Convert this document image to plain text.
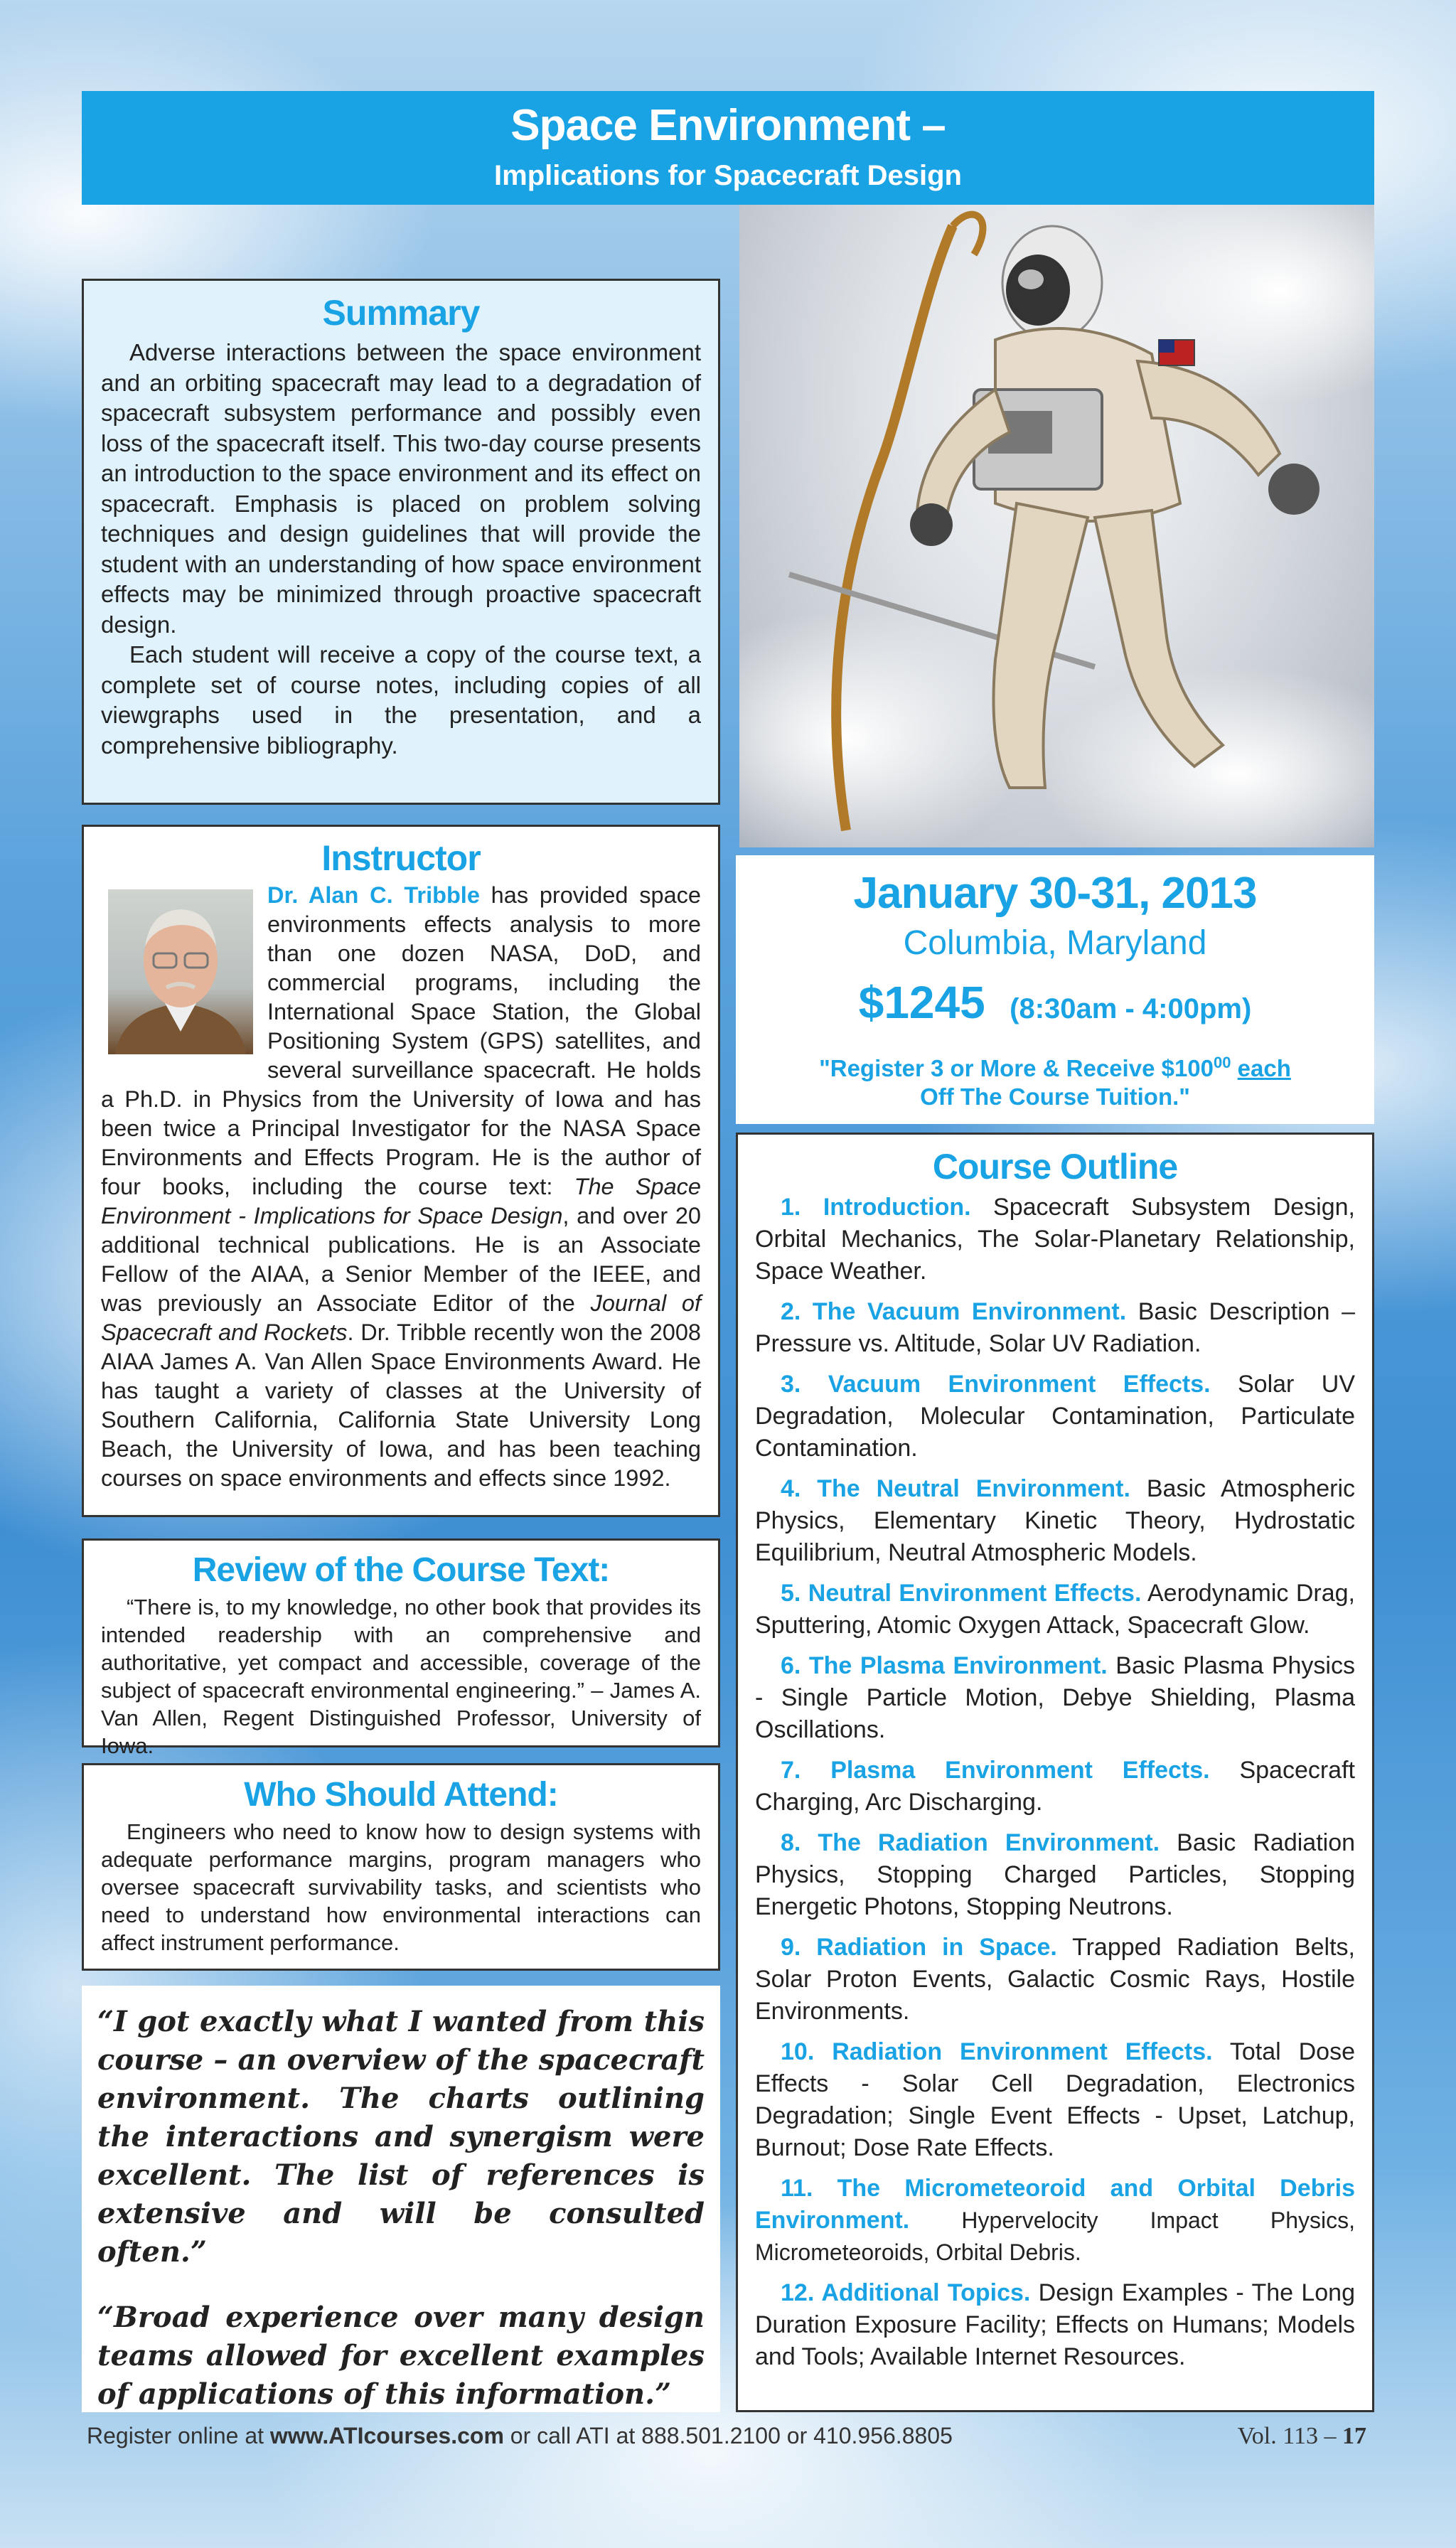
Space Environment –
Implications for Spacecraft Design
Summary

Adverse interactions between the space environment and an orbiting spacecraft may lead to a degradation of spacecraft subsystem performance and possibly even loss of the spacecraft itself. This two-day course presents an introduction to the space environment and its effect on spacecraft. Emphasis is placed on problem solving techniques and design guidelines that will provide the student with an understanding of how space environment effects may be minimized through proactive spacecraft design.

Each student will receive a copy of the course text, a complete set of course notes, including copies of all viewgraphs used in the presentation, and a comprehensive bibliography.

January 30-31, 2013
Columbia, Maryland
$1245 (8:30am - 4:00pm)
"Register 3 or More & Receive $\$100^{00}$ each
Off The Course Tuition."
Instructor

Dr. Alan C. Tribble
has provided space environments effects analysis to more than one dozen NASA, DoD, and commercial programs, including the International Space Station, the Global Positioning System (GPS) satellites, and several surveillance spacecraft. He holds a Ph.D. in Physics from the University of Iowa and has been twice a Principal Investigator for the NASA Space Environments and Effects Program. He is the author of four books, including the course text: The Space Environment - Implications for Space Design, and over 20 additional technical publications. He is an Associate Fellow of the AIAA, a Senior Member of the IEEE, and was previously an Associate Editor of the Journal of Spacecraft and Rockets. Dr. Tribble recently won the 2008 AIAA James A. Van Allen Space Environments Award. He has taught a variety of classes at the University of Southern California, California State University Long Beach, the University of Iowa, and has been teaching courses on space environments and effects since 1992.

Review of the Course Text:

“There is, to my knowledge, no other book that provides its intended readership with an comprehensive and authoritative, yet compact and accessible, coverage of the subject of spacecraft environmental engineering.” – James A. Van Allen, Regent Distinguished Professor, University of Iowa.

Who Should Attend:

Engineers who need to know how to design systems with adequate performance margins, program managers who oversee spacecraft survivability tasks, and scientists who need to understand how environmental interactions can affect instrument performance.

“I got exactly what I wanted from this course – an overview of the spacecraft environment. The charts outlining the interactions and synergism were excellent. The list of references is extensive and will be consulted often.”

“Broad experience over many design teams allowed for excellent examples of applications of this information.”

Course Outline

1. Introduction. Spacecraft Subsystem Design, Orbital Mechanics, The Solar-Planetary Relationship, Space Weather.

2. The Vacuum Environment. Basic Description – Pressure vs. Altitude, Solar UV Radiation.

3. Vacuum Environment Effects. Solar UV Degradation, Molecular Contamination, Particulate Contamination.

4. The Neutral Environment. Basic Atmospheric Physics, Elementary Kinetic Theory, Hydrostatic Equilibrium, Neutral Atmospheric Models.

5. Neutral Environment Effects. Aerodynamic Drag, Sputtering, Atomic Oxygen Attack, Spacecraft Glow.

6. The Plasma Environment. Basic Plasma Physics - Single Particle Motion, Debye Shielding, Plasma Oscillations.

7. Plasma Environment Effects. Spacecraft Charging, Arc Discharging.

8. The Radiation Environment. Basic Radiation Physics, Stopping Charged Particles, Stopping Energetic Photons, Stopping Neutrons.

9. Radiation in Space. Trapped Radiation Belts, Solar Proton Events, Galactic Cosmic Rays, Hostile Environments.

10. Radiation Environment Effects. Total Dose Effects - Solar Cell Degradation, Electronics Degradation; Single Event Effects - Upset, Latchup, Burnout; Dose Rate Effects.

11. The Micrometeoroid and Orbital Debris Environment. Hypervelocity Impact Physics, Micrometeoroids, Orbital Debris.

12. Additional Topics. Design Examples - The Long Duration Exposure Facility; Effects on Humans; Models and Tools; Available Internet Resources.

Register online at www.ATIcourses.com or call ATI at 888.501.2100 or 410.956.8805	Vol. 113 – 17
